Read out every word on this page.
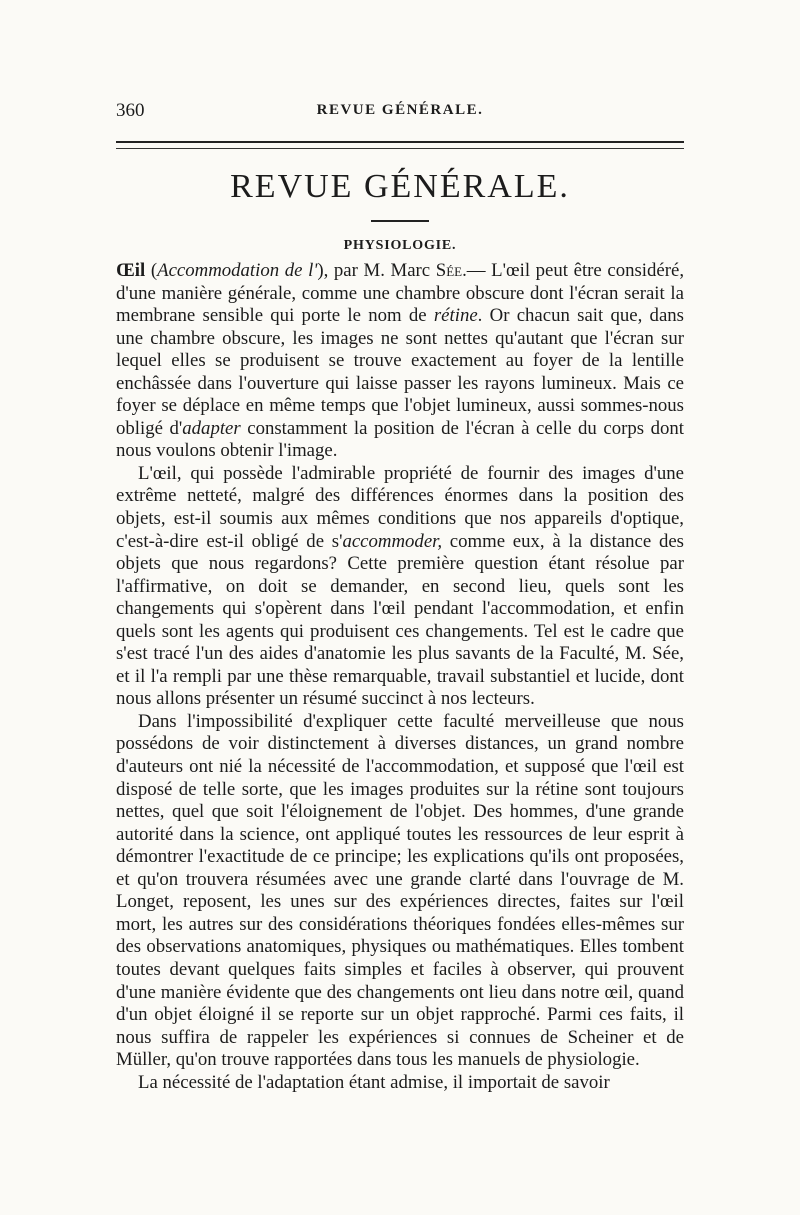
360	REVUE GÉNÉRALE.
REVUE GÉNÉRALE.
PHYSIOLOGIE.

Œil (Accommodation de l'), par M. Marc Sée.— L'œil peut être considéré, d'une manière générale, comme une chambre obscure dont l'écran serait la membrane sensible qui porte le nom de rétine. Or chacun sait que, dans une chambre obscure, les images ne sont nettes qu'autant que l'écran sur lequel elles se produisent se trouve exactement au foyer de la lentille enchâssée dans l'ouverture qui laisse passer les rayons lumineux. Mais ce foyer se déplace en même temps que l'objet lumineux, aussi sommes-nous obligé d'adapter constamment la position de l'écran à celle du corps dont nous voulons obtenir l'image.

L'œil, qui possède l'admirable propriété de fournir des images d'une extrême netteté, malgré des différences énormes dans la position des objets, est-il soumis aux mêmes conditions que nos appareils d'optique, c'est-à-dire est-il obligé de s'accommoder, comme eux, à la distance des objets que nous regardons? Cette première question étant résolue par l'affirmative, on doit se demander, en second lieu, quels sont les changements qui s'opèrent dans l'œil pendant l'accommodation, et enfin quels sont les agents qui produisent ces changements. Tel est le cadre que s'est tracé l'un des aides d'anatomie les plus savants de la Faculté, M. Sée, et il l'a rempli par une thèse remarquable, travail substantiel et lucide, dont nous allons présenter un résumé succinct à nos lecteurs.

Dans l'impossibilité d'expliquer cette faculté merveilleuse que nous possédons de voir distinctement à diverses distances, un grand nombre d'auteurs ont nié la nécessité de l'accommodation, et supposé que l'œil est disposé de telle sorte, que les images produites sur la rétine sont toujours nettes, quel que soit l'éloignement de l'objet. Des hommes, d'une grande autorité dans la science, ont appliqué toutes les ressources de leur esprit à démontrer l'exactitude de ce principe; les explications qu'ils ont proposées, et qu'on trouvera résumées avec une grande clarté dans l'ouvrage de M. Longet, reposent, les unes sur des expériences directes, faites sur l'œil mort, les autres sur des considérations théoriques fondées elles-mêmes sur des observations anatomiques, physiques ou mathématiques. Elles tombent toutes devant quelques faits simples et faciles à observer, qui prouvent d'une manière évidente que des changements ont lieu dans notre œil, quand d'un objet éloigné il se reporte sur un objet rapproché. Parmi ces faits, il nous suffira de rappeler les expériences si connues de Scheiner et de Müller, qu'on trouve rapportées dans tous les manuels de physiologie.

La nécessité de l'adaptation étant admise, il importait de savoir
